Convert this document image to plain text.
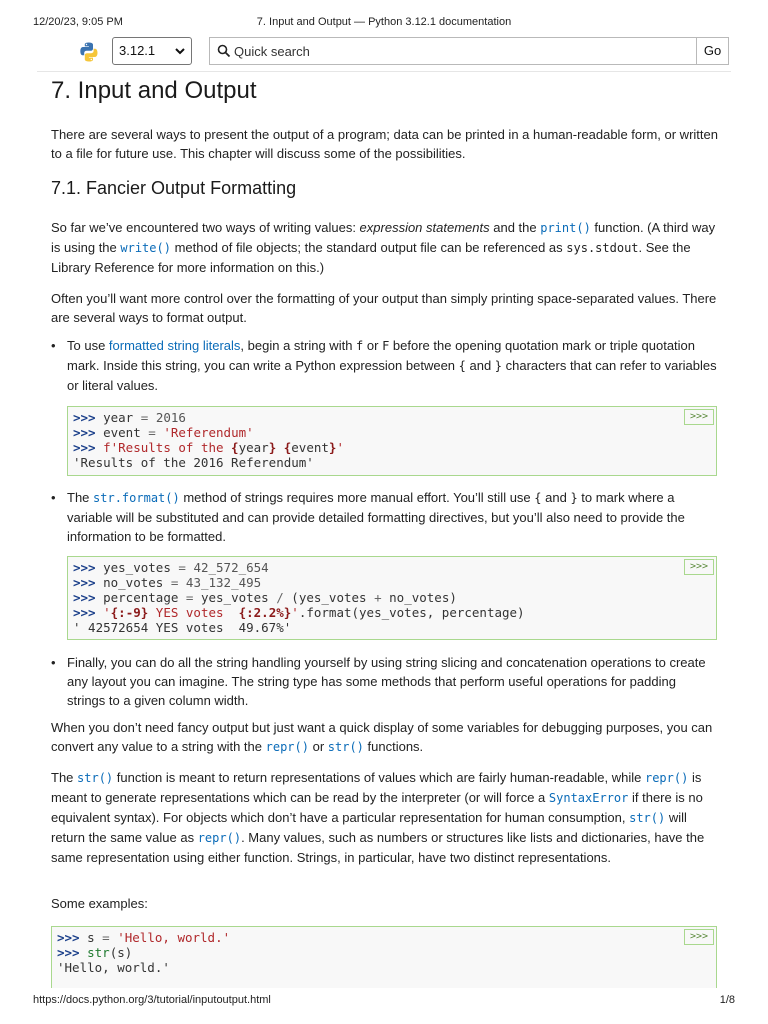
12/20/23, 9:05 PM	7. Input and Output — Python 3.12.1 documentation
3.12.1	Quick search	Go
7. Input and Output

There are several ways to present the output of a program; data can be printed in a human-readable form, or written to a file for future use. This chapter will discuss some of the possibilities.

7.1. Fancier Output Formatting

So far we’ve encountered two ways of writing values: expression statements and the print() function. (A third way is using the write() method of file objects; the standard output file can be referenced as sys.stdout. See the Library Reference for more information on this.)

Often you’ll want more control over the formatting of your output than simply printing space-separated values. There are several ways to format output.

• To use formatted string literals, begin a string with f or F before the opening quotation mark or triple quotation mark. Inside this string, you can write a Python expression between { and } characters that can refer to variables or literal values.

>>>
>>> year = 2016
>>> event = 'Referendum'
>>> f'Results of the {year} {event}'
'Results of the 2016 Referendum'
• The str.format() method of strings requires more manual effort. You’ll still use { and } to mark where a variable will be substituted and can provide detailed formatting directives, but you’ll also need to provide the information to be formatted.

>>>
>>> yes_votes = 42_572_654
>>> no_votes = 43_132_495
>>> percentage = yes_votes / (yes_votes + no_votes)
>>> '{:-9} YES votes  {:2.2%}'.format(yes_votes, percentage)
' 42572654 YES votes  49.67%'
• Finally, you can do all the string handling yourself by using string slicing and concatenation operations to create any layout you can imagine. The string type has some methods that perform useful operations for padding strings to a given column width.

When you don’t need fancy output but just want a quick display of some variables for debugging purposes, you can convert any value to a string with the repr() or str() functions.

The str() function is meant to return representations of values which are fairly human-readable, while repr() is meant to generate representations which can be read by the interpreter (or will force a SyntaxError if there is no equivalent syntax). For objects which don’t have a particular representation for human consumption, str() will return the same value as repr(). Many values, such as numbers or structures like lists and dictionaries, have the same representation using either function. Strings, in particular, have two distinct representations.

Some examples:

>>>
>>> s = 'Hello, world.'
>>> str(s)
'Hello, world.'
https://docs.python.org/3/tutorial/inputoutput.html	1/8
